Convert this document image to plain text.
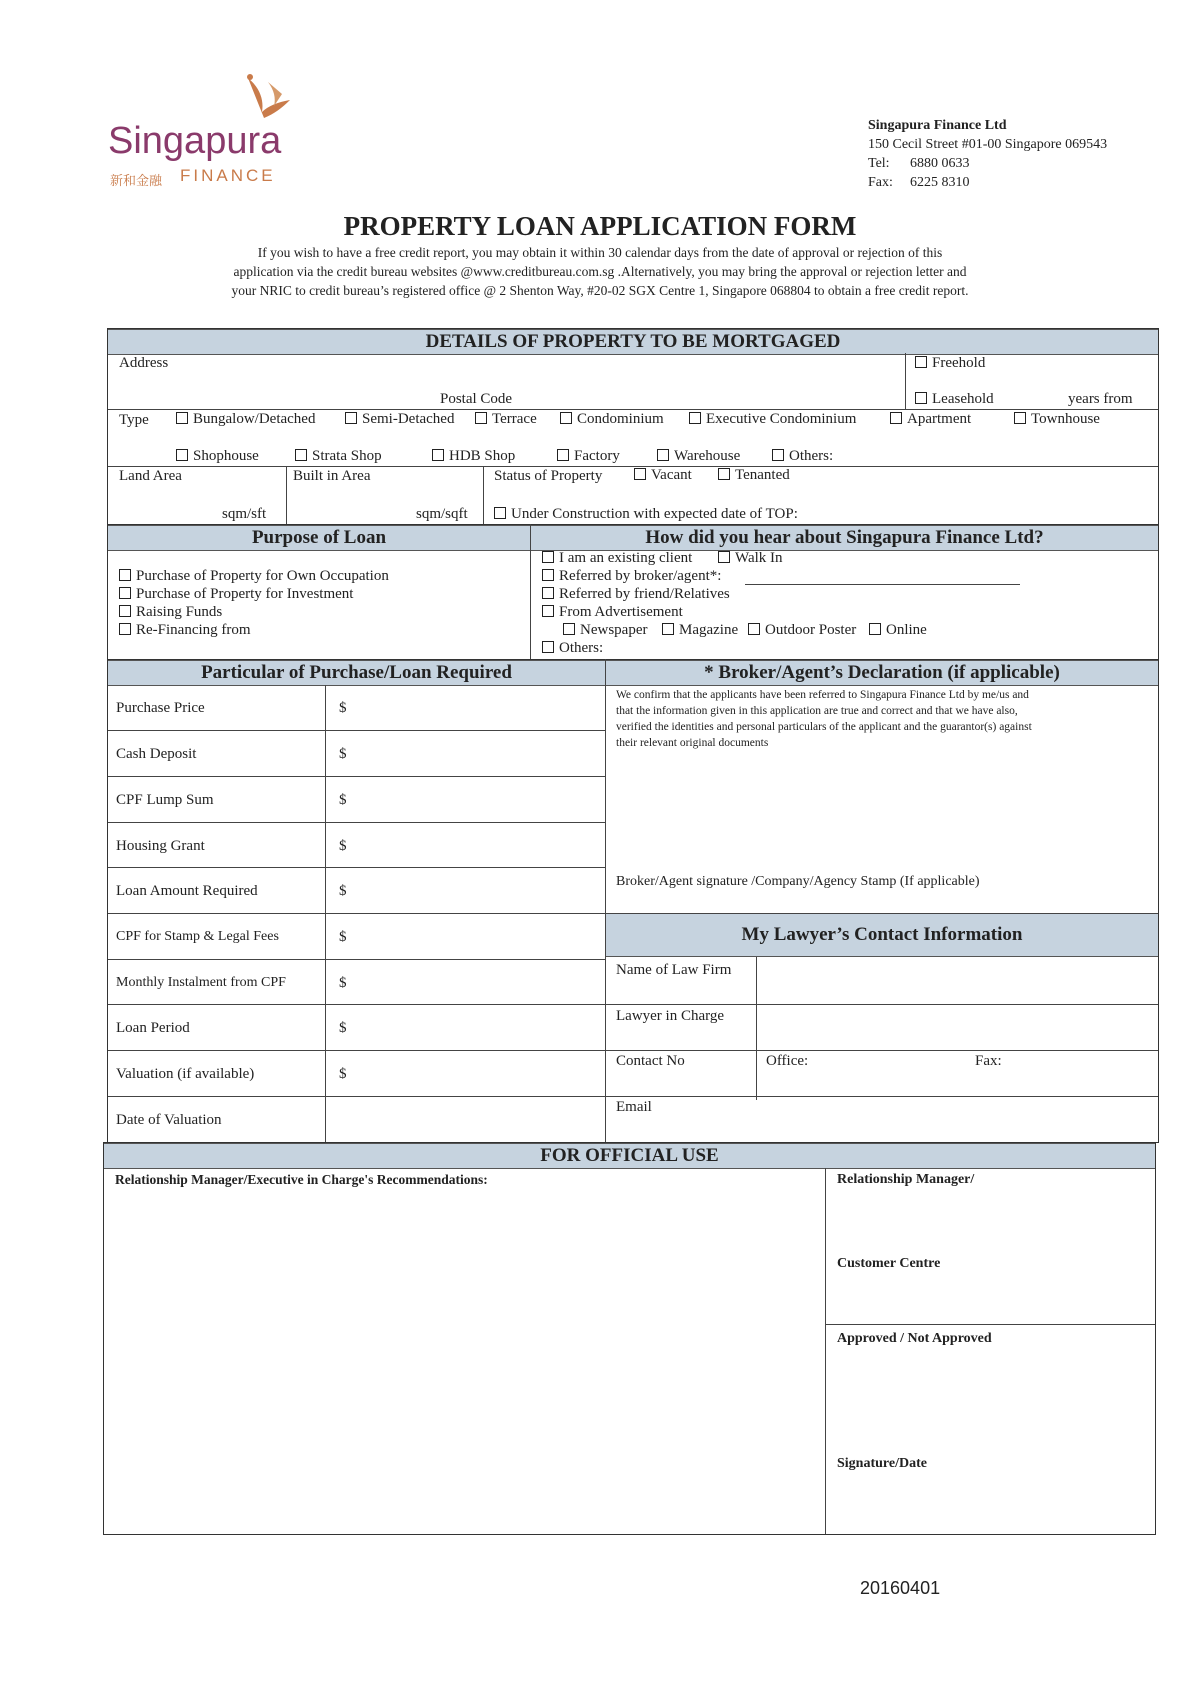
Singapura
新和金融 FINANCE
Singapura Finance Ltd
150 Cecil Street #01-00 Singapore 069543
Tel: 6880 0633
Fax: 6225 8310
PROPERTY LOAN APPLICATION FORM
If you wish to have a free credit report, you may obtain it within 30 calendar days from the date of approval or rejection of this
application via the credit bureau websites @www.creditbureau.com.sg .Alternatively, you may bring the approval or rejection letter and
your NRIC to credit bureau’s registered office @ 2 Shenton Way, #20-02 SGX Centre 1, Singapore 068804 to obtain a free credit report.
DETAILS OF PROPERTY TO BE MORTGAGED
Address
Postal Code
Freehold
Leasehold	years from
Type	Bungalow/Detached	Semi-Detached	Terrace	Condominium	Executive Condominium	Apartment	Townhouse
Shophouse	Strata Shop	HDB Shop	Factory	Warehouse	Others:
Land Area
sqm/sft
Built in Area
sqm/sqft
Status of Property	Vacant	Tenanted
Under Construction with expected date of TOP:
Purpose of Loan	How did you hear about Singapura Finance Ltd?
Purchase of Property for Own Occupation
Purchase of Property for Investment
Raising Funds
Re-Financing from
I am an existing client	Walk In
Referred by broker/agent*:
Referred by friend/Relatives
From Advertisement
Newspaper	Magazine	Outdoor Poster	Online
Others:
Particular of Purchase/Loan Required	* Broker/Agent’s Declaration (if applicable)
Purchase Price	$
Cash Deposit	$
CPF Lump Sum	$
Housing Grant	$
Loan Amount Required	$
CPF for Stamp & Legal Fees	$
Monthly Instalment from CPF	$
Loan Period	$
Valuation (if available)	$
Date of Valuation
We confirm that the applicants have been referred to Singapura Finance Ltd by me/us and
that the information given in this application are true and correct and that we have also,
verified the identities and personal particulars of the applicant and the guarantor(s) against
their relevant original documents
Broker/Agent signature /Company/Agency Stamp (If applicable)
My Lawyer’s Contact Information
Name of Law Firm
Lawyer in Charge
Contact No	Office:	Fax:
Email
FOR OFFICIAL USE
Relationship Manager/Executive in Charge's Recommendations:	Relationship Manager/
Customer Centre
Approved / Not Approved
Signature/Date
20160401
